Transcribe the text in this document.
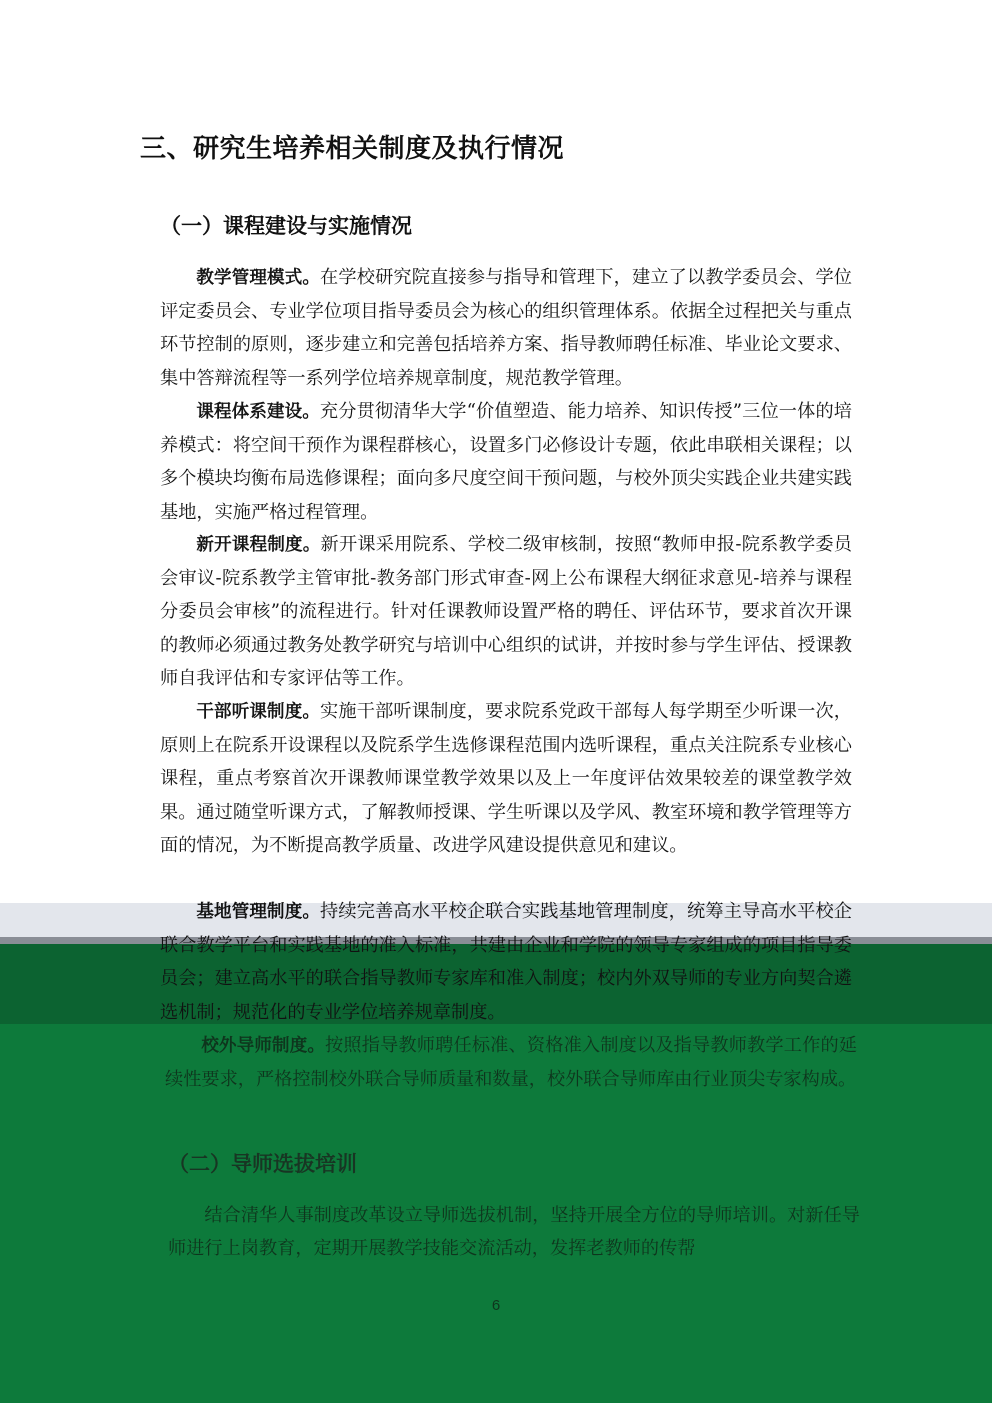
三、研究生培养相关制度及执行情况
（一）课程建设与实施情况

教学管理模式。在学校研究院直接参与指导和管理下，建立了以教学委员会、学位评定委员会、专业学位项目指导委员会为核心的组织管理体系。依据全过程把关与重点环节控制的原则，逐步建立和完善包括培养方案、指导教师聘任标准、毕业论文要求、集中答辩流程等一系列学位培养规章制度，规范教学管理。

课程体系建设。充分贯彻清华大学“价值塑造、能力培养、知识传授”三位一体的培养模式：将空间干预作为课程群核心，设置多门必修设计专题，依此串联相关课程；以多个模块均衡布局选修课程；面向多尺度空间干预问题，与校外顶尖实践企业共建实践基地，实施严格过程管理。

新开课程制度。新开课采用院系、学校二级审核制，按照“教师申报-院系教学委员会审议-院系教学主管审批-教务部门形式审查-网上公布课程大纲征求意见-培养与课程分委员会审核”的流程进行。针对任课教师设置严格的聘任、评估环节，要求首次开课的教师必须通过教务处教学研究与培训中心组织的试讲，并按时参与学生评估、授课教师自我评估和专家评估等工作。

干部听课制度。实施干部听课制度，要求院系党政干部每人每学期至少听课一次，原则上在院系开设课程以及院系学生选修课程范围内选听课程，重点关注院系专业核心课程，重点考察首次开课教师课堂教学效果以及上一年度评估效果较差的课堂教学效果。通过随堂听课方式，了解教师授课、学生听课以及学风、教室环境和教学管理等方面的情况，为不断提高教学质量、改进学风建设提供意见和建议。

基地管理制度。持续完善高水平校企联合实践基地管理制度，统筹主导高水平校企联合教学平台和实践基地的准入标准，共建由企业和学院的领导专家组成的项目指导委员会；建立高水平的联合指导教师专家库和准入制度；校内外双导师的专业方向契合遴选机制；规范化的专业学位培养规章制度。

校外导师制度。按照指导教师聘任标准、资格准入制度以及指导教师教学工作的延续性要求，严格控制校外联合导师质量和数量，校外联合导师库由行业顶尖专家构成。

（二）导师选拔培训

结合清华人事制度改革设立导师选拔机制，坚持开展全方位的导师培训。对新任导师进行上岗教育，定期开展教学技能交流活动，发挥老教师的传帮

6
